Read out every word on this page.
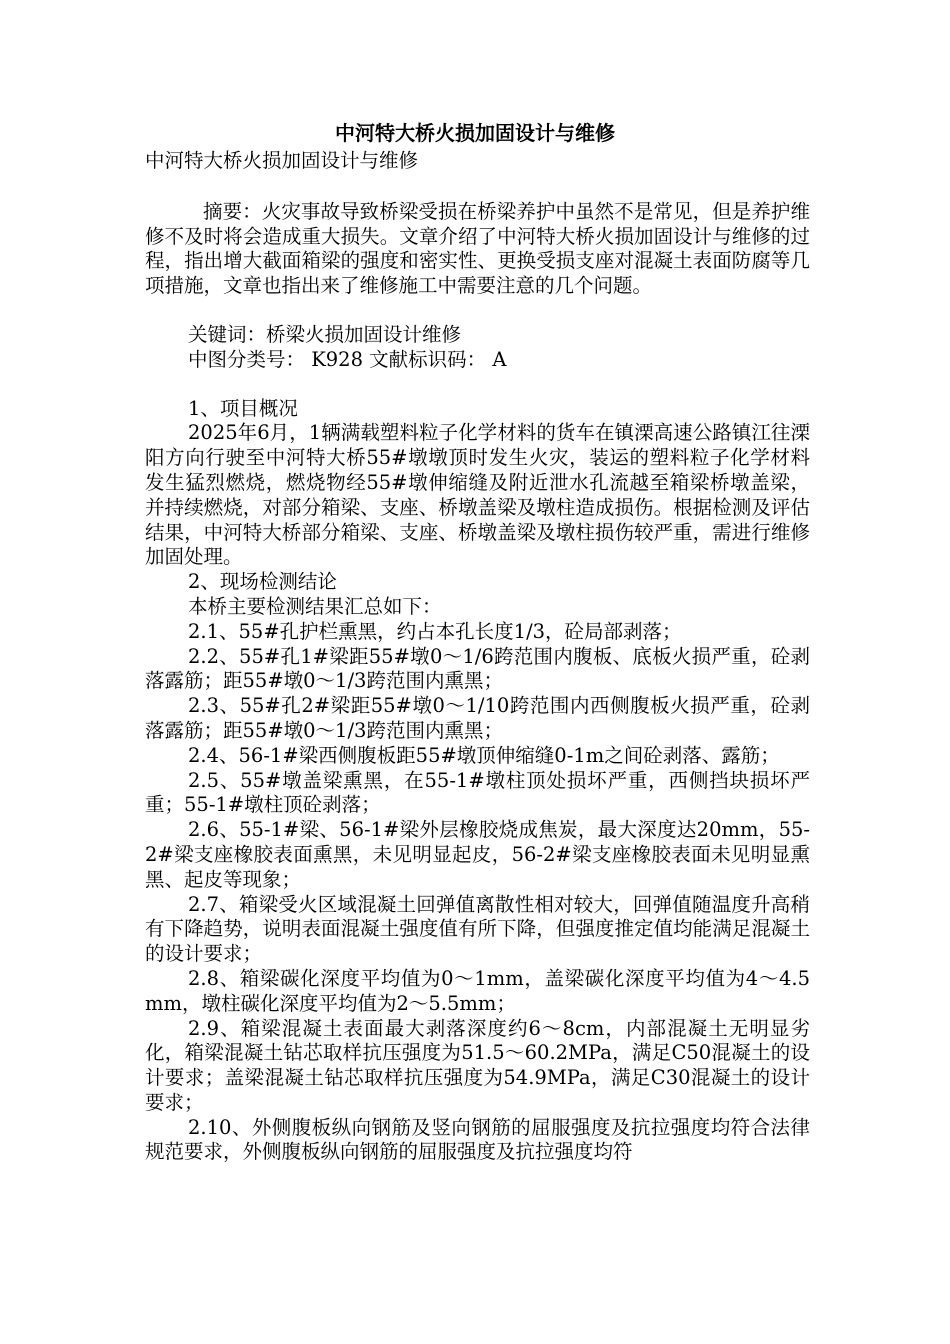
中河特大桥火损加固设计与维修

中河特大桥火损加固设计与维修

摘要：火灾事故导致桥梁受损在桥梁养护中虽然不是常见，但是养护维修不及时将会造成重大损失。文章介绍了中河特大桥火损加固设计与维修的过程，指出增大截面箱梁的强度和密实性、更换受损支座对混凝土表面防腐等几项措施，文章也指出来了维修施工中需要注意的几个问题。

关键词：桥梁火损加固设计维修

中图分类号： K928 文献标识码： A

1、项目概况

2025年6月，1辆满载塑料粒子化学材料的货车在镇溧高速公路镇江往溧阳方向行驶至中河特大桥55#墩墩顶时发生火灾，装运的塑料粒子化学材料发生猛烈燃烧，燃烧物经55#墩伸缩缝及附近泄水孔流越至箱梁桥墩盖梁，并持续燃烧，对部分箱梁、支座、桥墩盖梁及墩柱造成损伤。根据检测及评估结果，中河特大桥部分箱梁、支座、桥墩盖梁及墩柱损伤较严重，需进行维修加固处理。

2、现场检测结论

本桥主要检测结果汇总如下：

2.1、55#孔护栏熏黑，约占本孔长度1/3，砼局部剥落；

2.2、55#孔1#梁距55#墩0～1/6跨范围内腹板、底板火损严重，砼剥落露筋；距55#墩0～1/3跨范围内熏黑；

2.3、55#孔2#梁距55#墩0～1/10跨范围内西侧腹板火损严重，砼剥落露筋；距55#墩0～1/3跨范围内熏黑；

2.4、56-1#梁西侧腹板距55#墩顶伸缩缝0-1m之间砼剥落、露筋；

2.5、55#墩盖梁熏黑，在55-1#墩柱顶处损坏严重，西侧挡块损坏严重；55-1#墩柱顶砼剥落；

2.6、55-1#梁、56-1#梁外层橡胶烧成焦炭，最大深度达20mm，55-2#梁支座橡胶表面熏黑，未见明显起皮，56-2#梁支座橡胶表面未见明显熏黑、起皮等现象；

2.7、箱梁受火区域混凝土回弹值离散性相对较大，回弹值随温度升高稍有下降趋势，说明表面混凝土强度值有所下降，但强度推定值均能满足混凝土的设计要求；

2.8、箱梁碳化深度平均值为0～1mm，盖梁碳化深度平均值为4～4.5mm，墩柱碳化深度平均值为2～5.5mm；

2.9、箱梁混凝土表面最大剥落深度约6～8cm，内部混凝土无明显劣化，箱梁混凝土钻芯取样抗压强度为51.5～60.2MPa，满足C50混凝土的设计要求；盖梁混凝土钻芯取样抗压强度为54.9MPa，满足C30混凝土的设计要求；

2.10、外侧腹板纵向钢筋及竖向钢筋的屈服强度及抗拉强度均符合法律规范要求，外侧腹板纵向钢筋的屈服强度及抗拉强度均符
